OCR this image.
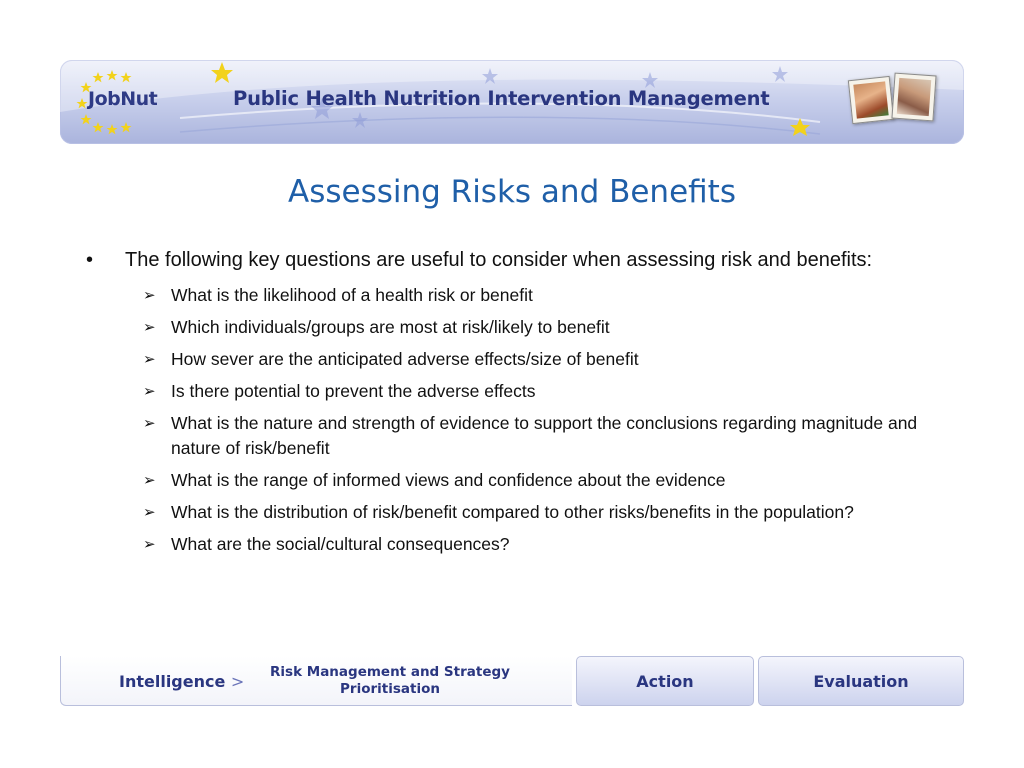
JobNut	Public Health Nutrition Intervention Management
Assessing Risks and Benefits
• The following key questions are useful to consider when assessing risk and benefits:
➢ What is the likelihood of a health risk or benefit
➢ Which individuals/groups are most at risk/likely to benefit
➢ How sever are the anticipated adverse effects/size of benefit
➢ Is there potential to prevent the adverse effects
➢ What is the nature and strength of evidence to support the conclusions regarding magnitude and nature of risk/benefit
➢ What is the range of informed views and confidence about the evidence
➢ What is the distribution of risk/benefit compared to other risks/benefits in the population?
➢ What are the social/cultural consequences?
Intelligence >	Risk Management and Strategy
Prioritisation	Action	Evaluation
